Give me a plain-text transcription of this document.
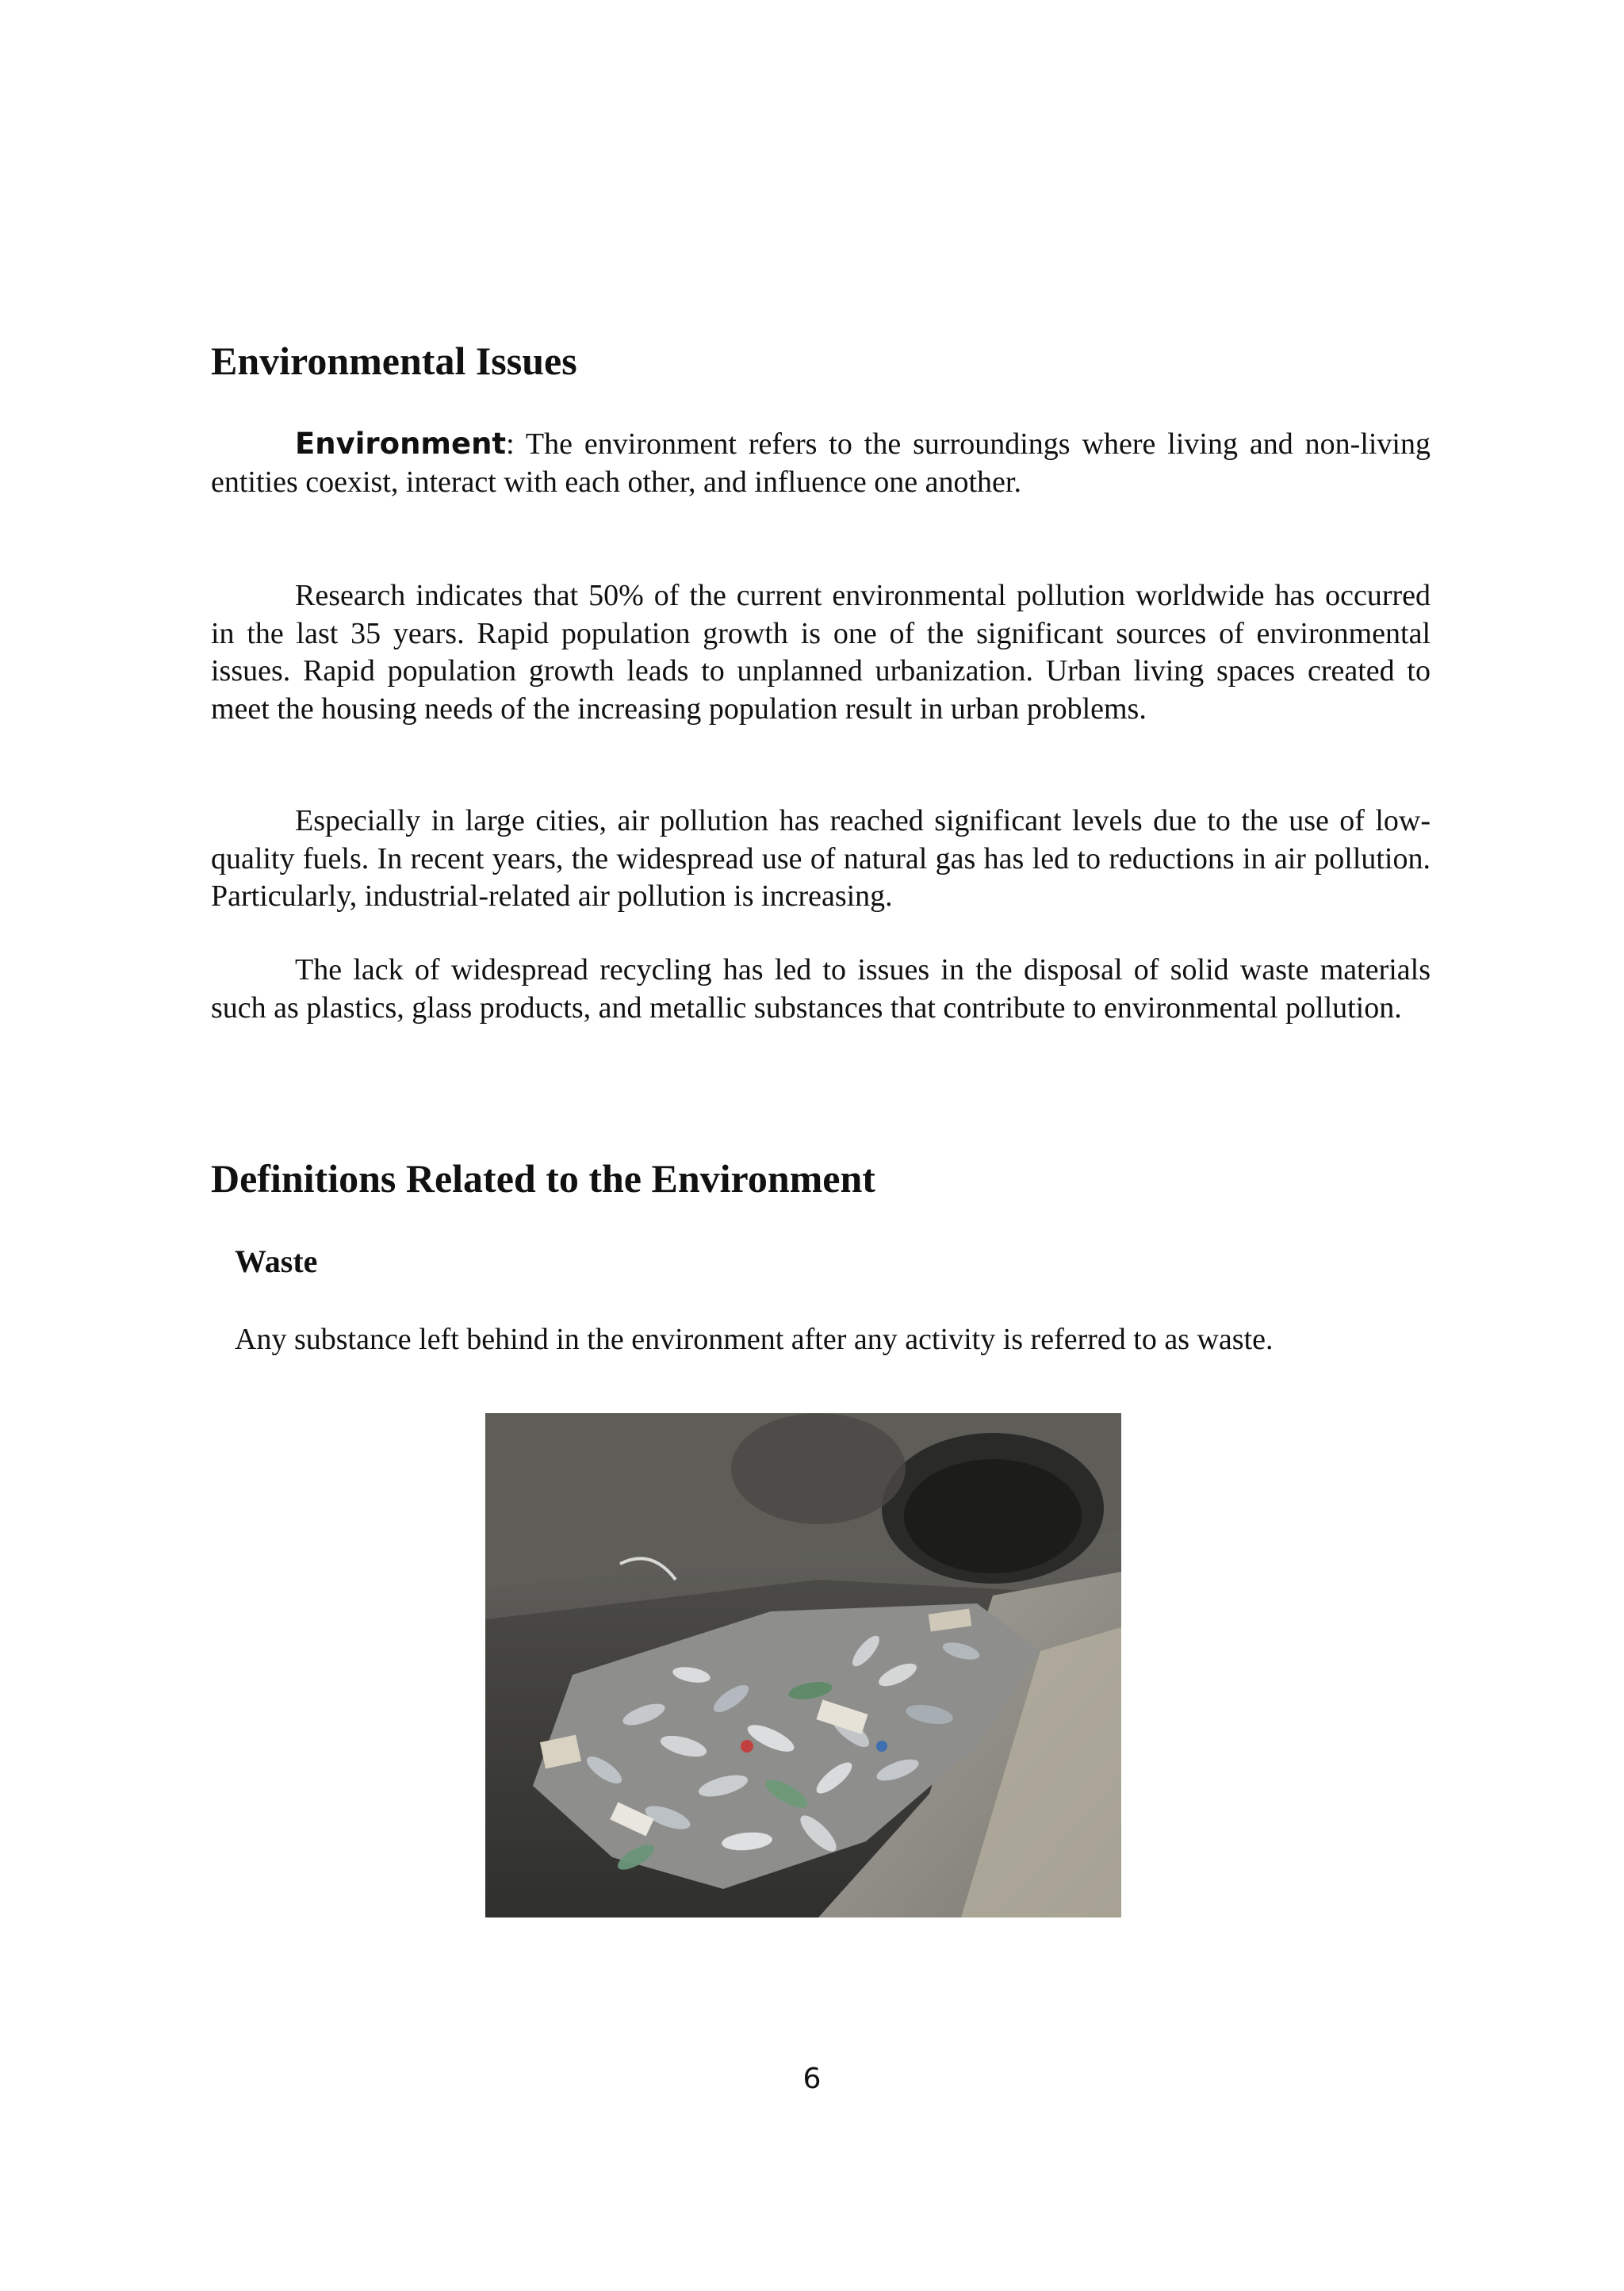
Environmental Issues

Environment: The environment refers to the surroundings where living and non-living entities coexist, interact with each other, and influence one another.

Research indicates that 50% of the current environmental pollution worldwide has occurred in the last 35 years. Rapid population growth is one of the significant sources of environmental issues. Rapid population growth leads to unplanned urbanization. Urban living spaces created to meet the housing needs of the increasing population result in urban problems.

Especially in large cities, air pollution has reached significant levels due to the use of low-quality fuels. In recent years, the widespread use of natural gas has led to reductions in air pollution. Particularly, industrial-related air pollution is increasing.

The lack of widespread recycling has led to issues in the disposal of solid waste materials such as plastics, glass products, and metallic substances that contribute to environmental pollution.

Definitions Related to the Environment
Waste

Any substance left behind in the environment after any activity is referred to as waste.

6
